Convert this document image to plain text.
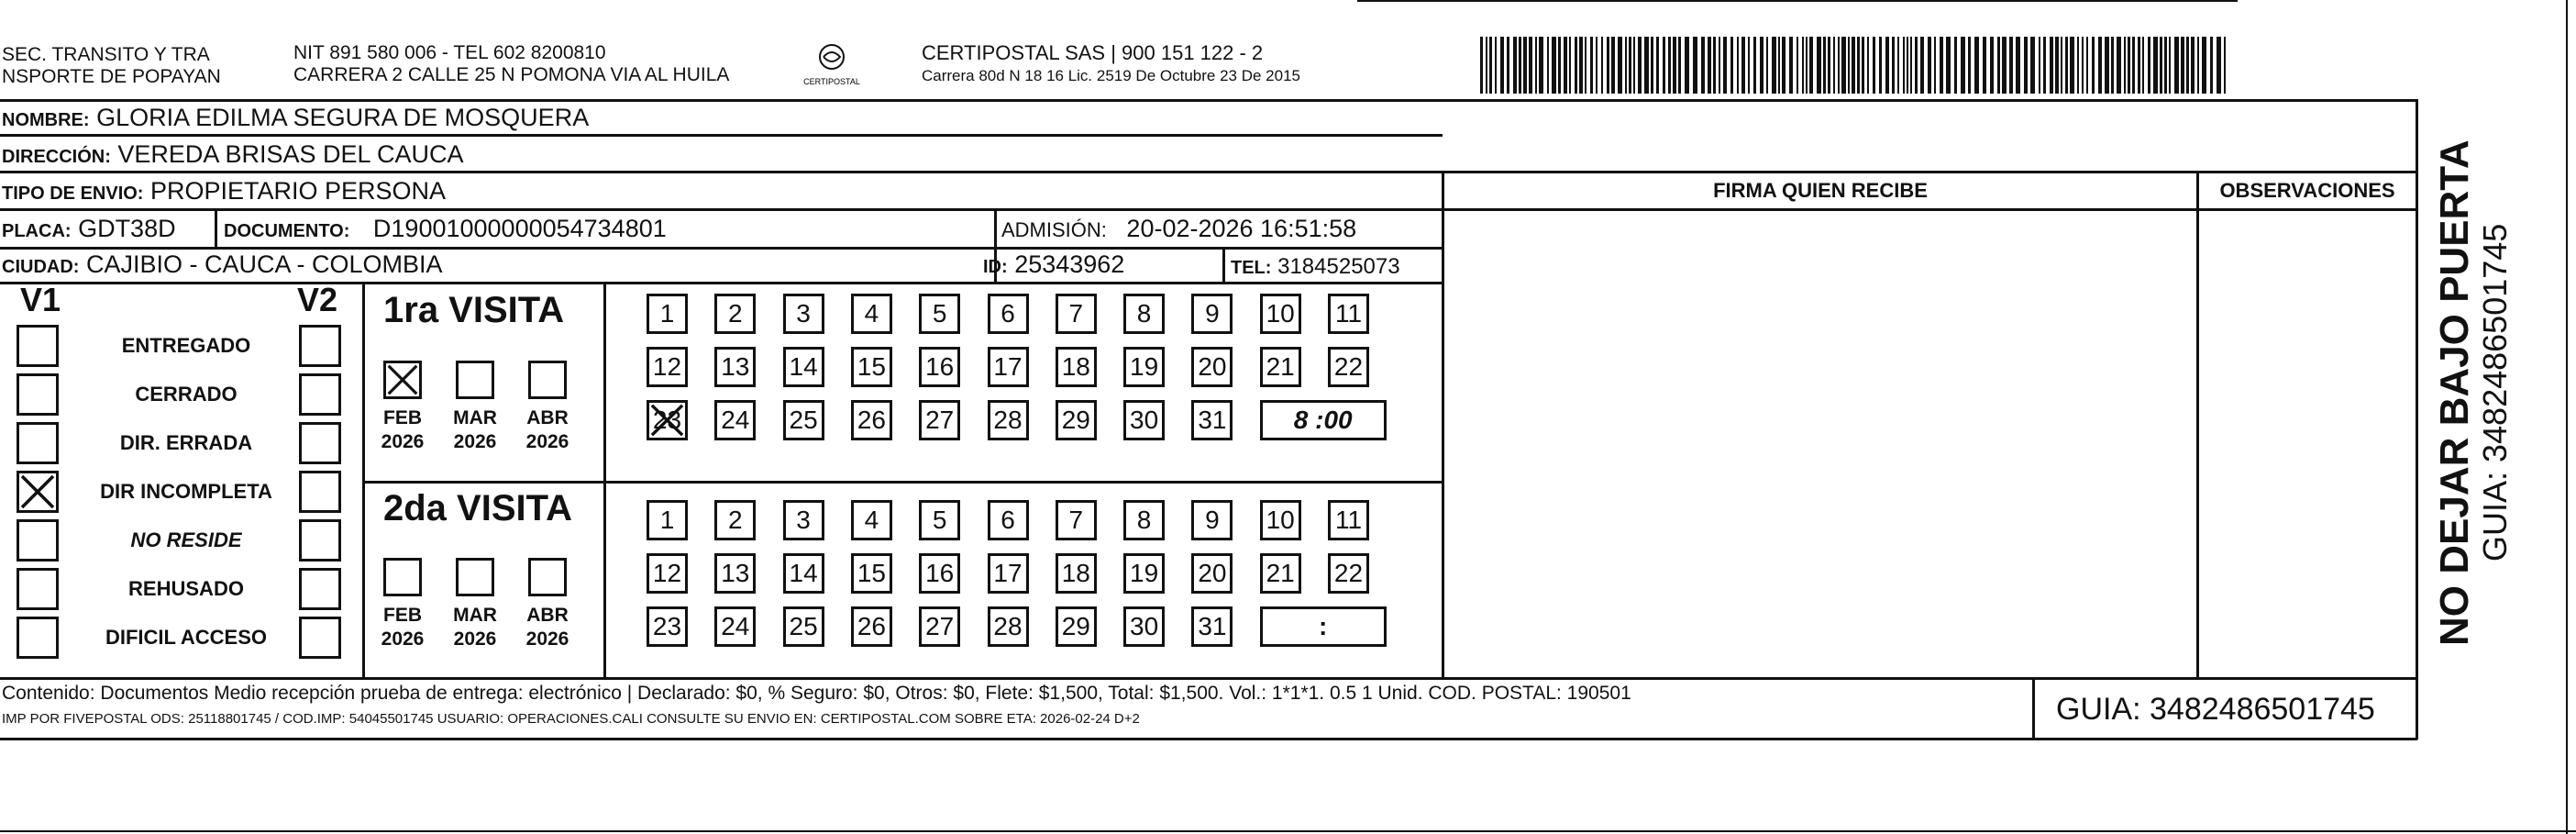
SEC. TRANSITO Y TRA
NSPORTE DE POPAYAN
NIT 891 580 006 - TEL 602 8200810
CARRERA 2 CALLE 25 N POMONA VIA AL HUILA	CERTIPOSTAL
CERTIPOSTAL SAS | 900 151 122 - 2
Carrera 80d N 18 16 Lic. 2519 De Octubre 23 De 2015
NOMBRE: GLORIA EDILMA SEGURA DE MOSQUERA
DIRECCIÓN: VEREDA BRISAS DEL CAUCA
TIPO DE ENVIO: PROPIETARIO PERSONA
PLACA: GDT38D	DOCUMENTO: D19001000000054734801	ADMISIÓN: 20-02-2026 16:51:58
CIUDAD: CAJIBIO - CAUCA - COLOMBIA	ID: 25343962	TEL: 3184525073
FIRMA QUIEN RECIBE	OBSERVACIONES
V1	V2
ENTREGADO
CERRADO
DIR. ERRADA
DIR INCOMPLETA
NO RESIDE
REHUSADO
DIFICIL ACCESO
1ra VISITA
FEB
2026
MAR
2026
ABR
2026
1	2	3	4	5	6	7	8	9	10 11
12 13 14 15 16 17 18 19 20 21 22
23 24 25 26 27 28 29 30 31	8 :00
2da VISITA
FEB
2026
MAR
2026
ABR
2026
1	2	3	4	5	6	7	8	9	10 11
12 13 14 15 16 17 18 19 20 21 22
23 24 25 26 27 28 29 30 31	:
Contenido: Documentos Medio recepción prueba de entrega: electrónico | Declarado: $0, % Seguro: $0, Otros: $0, Flete: $1,500, Total: $1,500. Vol.: 1*1*1. 0.5 1 Unid. COD. POSTAL: 190501
IMP POR FIVEPOSTAL ODS: 25118801745 / COD.IMP: 54045501745 USUARIO: OPERACIONES.CALI CONSULTE SU ENVIO EN: CERTIPOSTAL.COM SOBRE ETA: 2026-02-24 D+2	GUIA: 3482486501745
NO DEJAR BAJO PUERTA GUIA: 3482486501745
